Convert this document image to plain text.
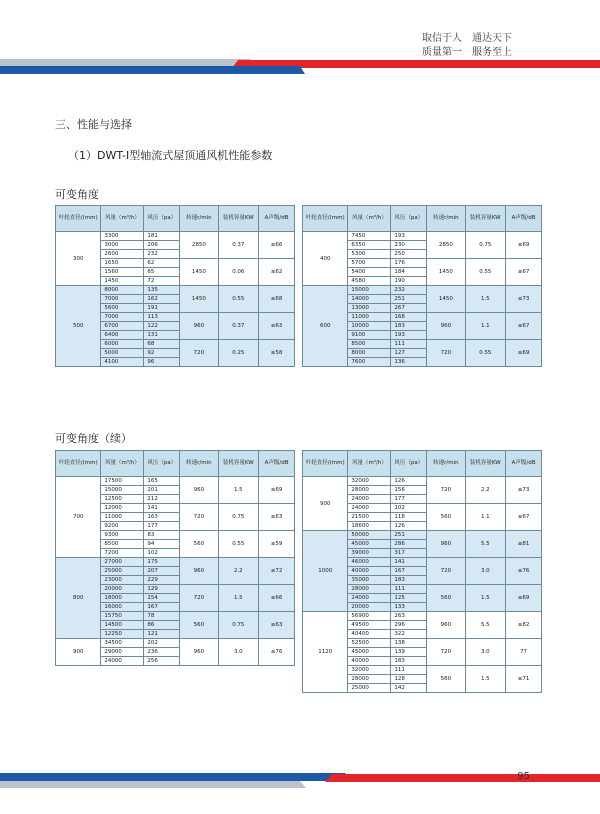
取信于人 通达天下
质量第一 服务至上
三、性能与选择
（1）DWT-Ⅰ型轴流式屋顶通风机性能参数
可变角度
可变角度（续）
叶轮直径/(mm)	风量（m³/h）	风压（pa）	转速r/min	装机容量KW	A声级/dB
300	3300	181	2850	0.37	≤66
	3000	206			
	2600	232			
	1650	62	1450	0.06	≤62
	1560	65			
	1450	72			
500	8000	135	1450	0.55	≤68
	7000	162			
	5600	191			
	7000	113	960	0.37	≤63
	6700	122			
	6400	131			
	6000	68	720	0.25	≤58
	5000	92			
	4100	96			
叶轮直径/(mm)	风量（m³/h）	风压（pa）	转速r/min	装机容量KW	A声级/dB
400	7450	193	2850	0.75	≤69
	6350	230			
	5300	250			
	5700	176	1450	0.55	≤67
	5400	184			
	4580	190			
600	15000	232	1450	1.5	≤73
	14000	251			
	13000	267			
	11000	168	960	1.1	≤67
	10000	183			
	9100	193			
	8500	111	720	0.55	≤69
	8000	127			
	7600	136			
叶轮直径/(mm)	风量（m³/h）	风压（pa）	转速r/min	装机容量KW	A声级/dB
700	17500	165	960	1.5	≤69
	15000	201			
	12500	212			
	12000	141	720	0.75	≤63
	11000	163			
	9200	177			
	9300	83	560	0.55	≤59
	8500	94			
	7200	102			
800	27000	175	960	2.2	≤72
	25000	207			
	23000	229			
	20000	129	720	1.5	≤66
	18000	154			
	16000	167			
	15750	78	560	0.75	≤63
	14500	86			
	12250	121			
900	34500	202	960	3.0	≤76
	29000	236			
	24000	256			
叶轮直径/(mm)	风量（m³/h）	风压（pa）	转速r/min	装机容量KW	A声级/dB
900	32000	126	720	2.2	≤73
	28000	156			
	24000	177			
	24000	102	560	1.1	≤67
	21500	118			
	18600	126			
1000	50000	251	960	5.5	≤81
	45000	286			
	39000	317			
	46000	141	720	3.0	≤76
	40000	167			
	35000	183			
	28000	111	560	1.5	≤69
	24000	125			
	20000	133			
1120	56900	263	960	5.5	≤82
	49500	296			
	40400	322			
	52500	138	720	3.0	77
	45000	139			
	40000	183			
	32000	111	560	1.5	≤71
	28000	128			
	25000	142			
95
